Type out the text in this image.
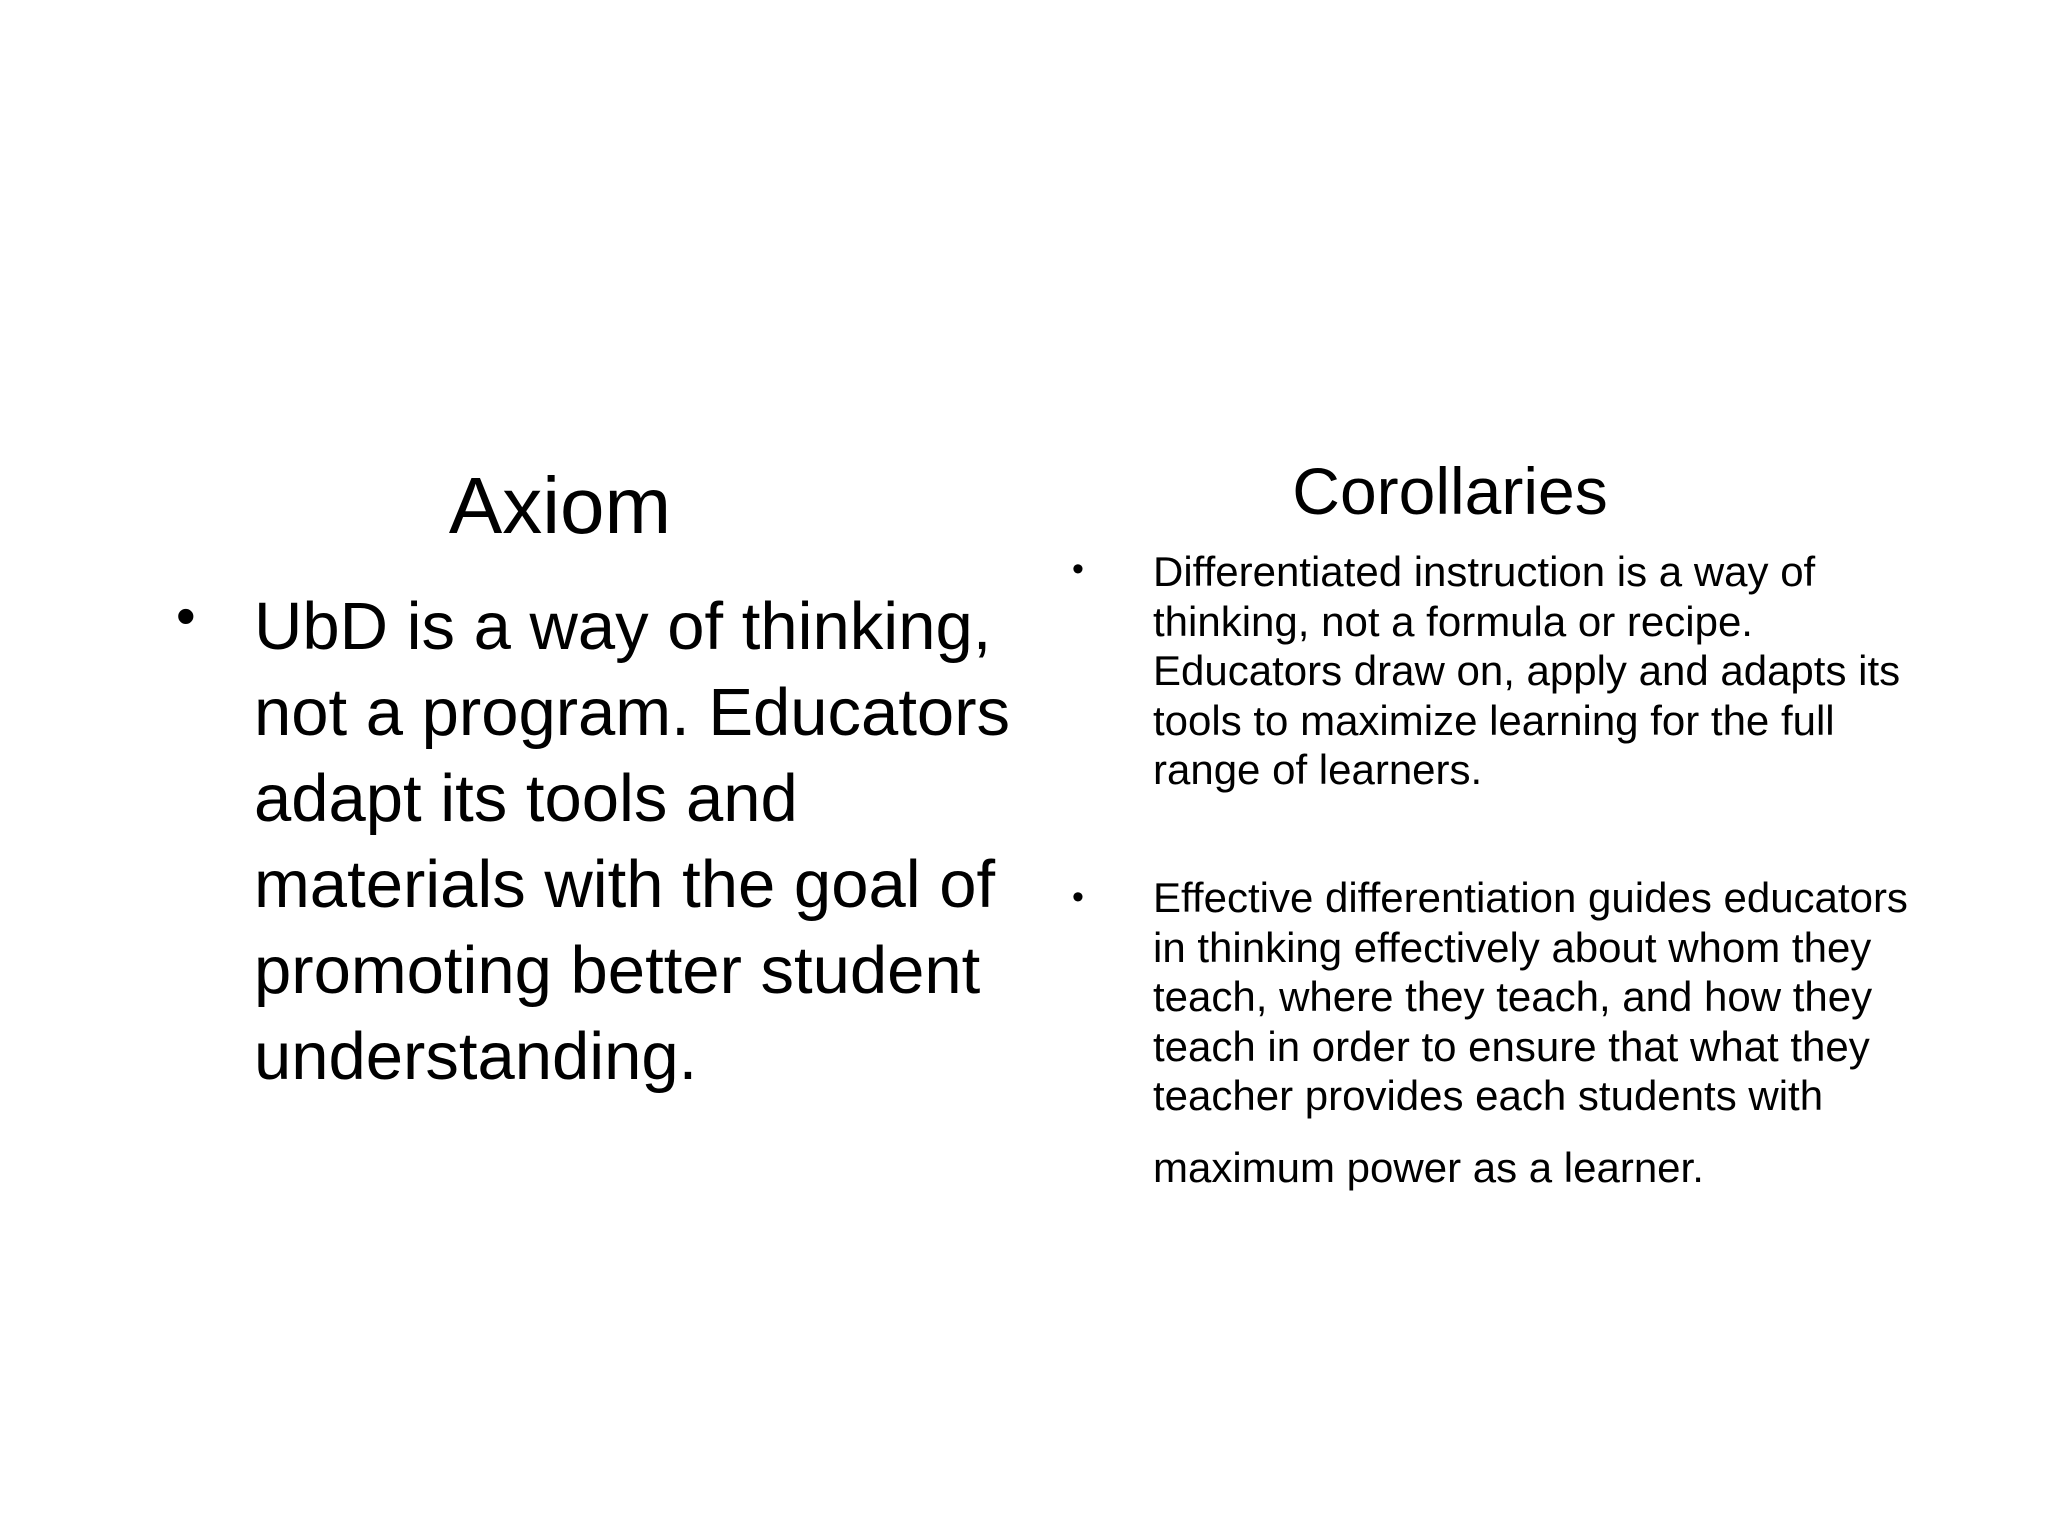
Axiom
• UbD is a way of thinking, not a program. Educators adapt its tools and materials with the goal of promoting better student understanding.

Corollaries
• Differentiated instruction is a way of thinking, not a formula or recipe. Educators draw on, apply and adapts its tools to maximize learning for the full range of learners.

• Effective differentiation guides educators in thinking effectively about whom they teach, where they teach, and how they teach in order to ensure that what they teacher provides each students with
maximum power as a learner.
